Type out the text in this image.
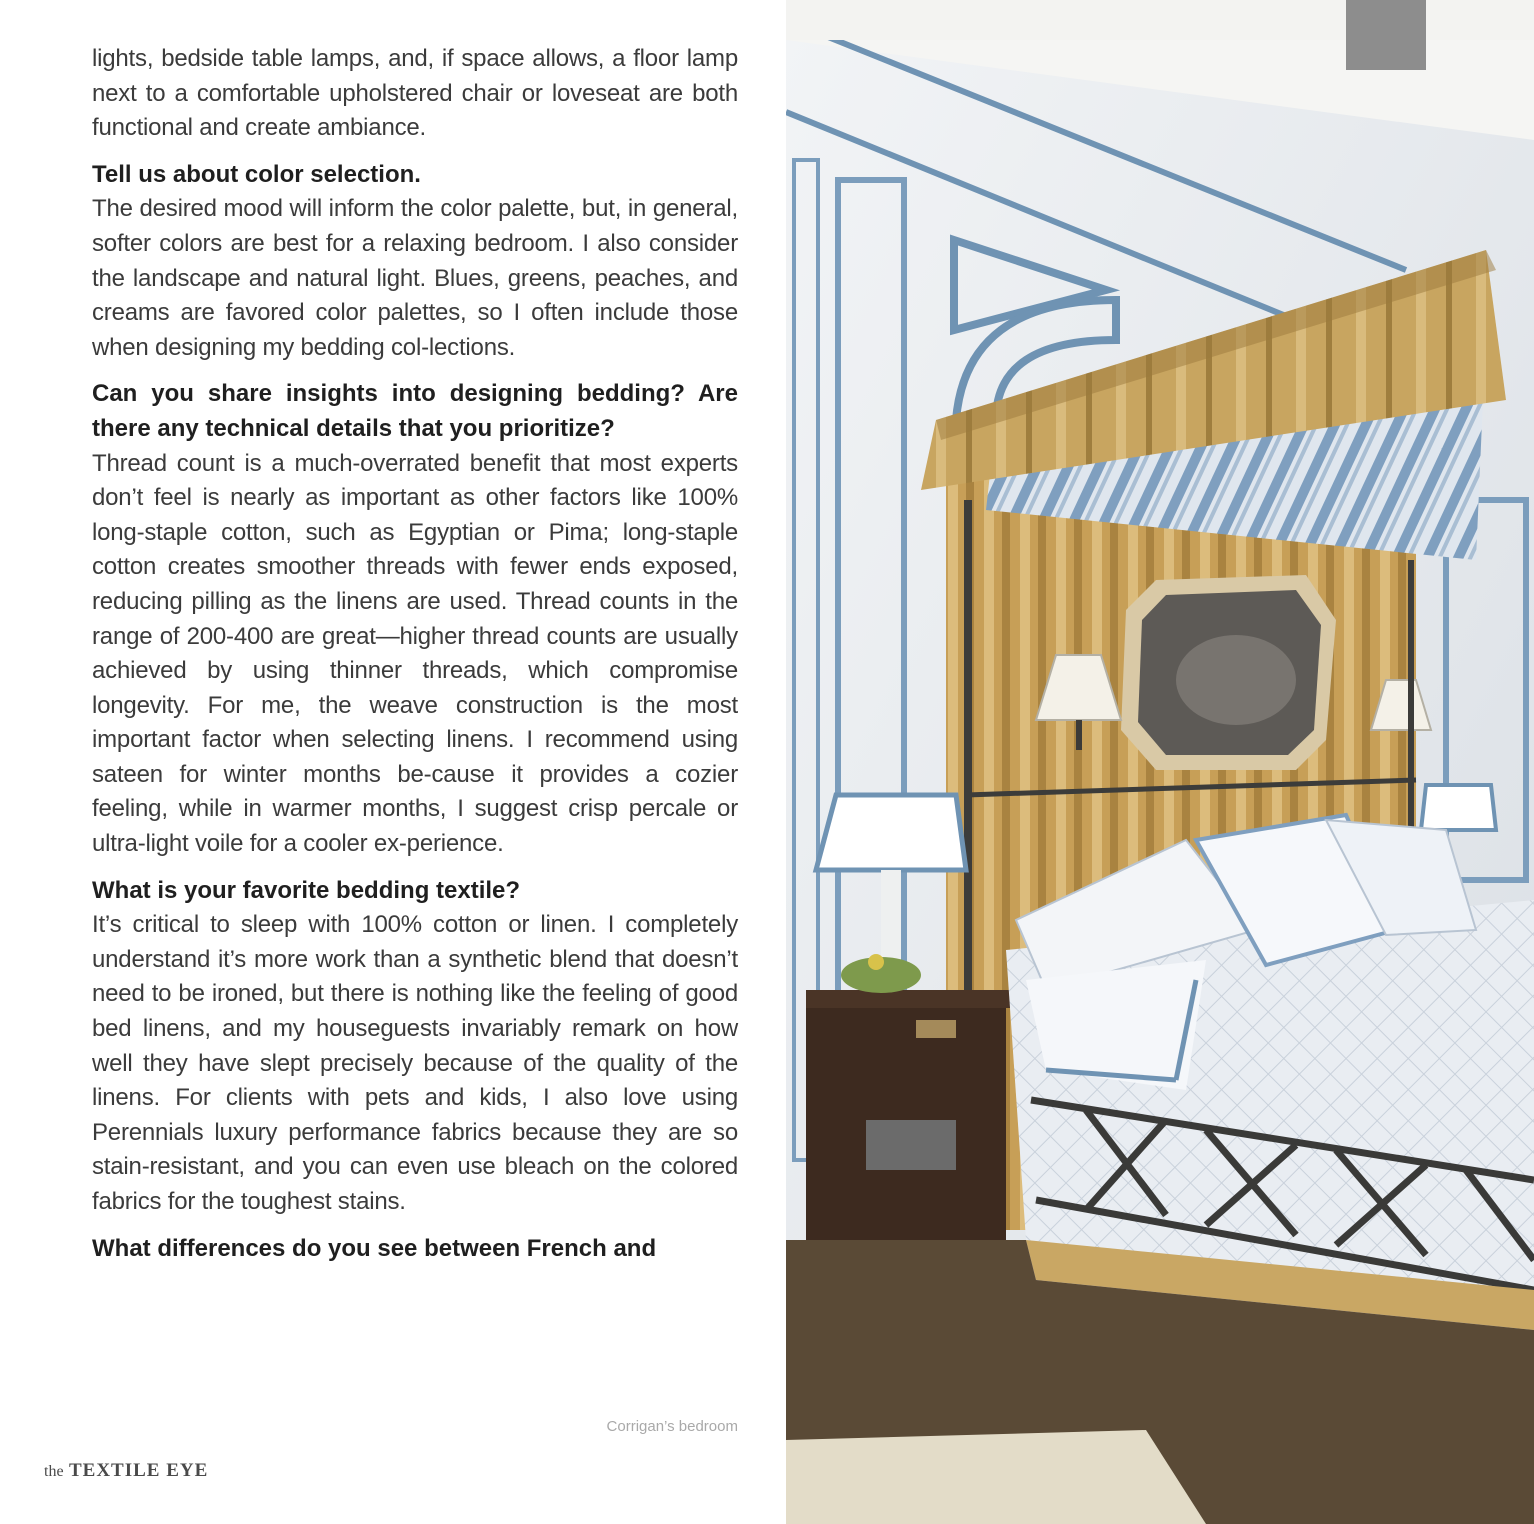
lights, bedside table lamps, and, if space allows, a floor lamp next to a comfortable upholstered chair or loveseat are both functional and create ambiance.

Tell us about color selection.

The desired mood will inform the color palette, but, in general, softer colors are best for a relaxing bedroom. I also consider the landscape and natural light. Blues, greens, peaches, and creams are favored color palettes, so I often include those when designing my bedding col-lections.

Can you share insights into designing bedding? Are there any technical details that you prioritize?

Thread count is a much-overrated benefit that most experts don’t feel is nearly as important as other factors like 100% long-staple cotton, such as Egyptian or Pima; long-staple cotton creates smoother threads with fewer ends exposed, reducing pilling as the linens are used. Thread counts in the range of 200-400 are great—higher thread counts are usually achieved by using thinner threads, which compromise longevity. For me, the weave construction is the most important factor when selecting linens. I recommend using sateen for winter months be-cause it provides a cozier feeling, while in warmer months, I suggest crisp percale or ultra-light voile for a cooler ex-perience.

What is your favorite bedding textile?

It’s critical to sleep with 100% cotton or linen. I completely understand it’s more work than a synthetic blend that doesn’t need to be ironed, but there is nothing like the feeling of good bed linens, and my houseguests invariably remark on how well they have slept precisely because of the quality of the linens. For clients with pets and kids, I also love using Perennials luxury performance fabrics because they are so stain-resistant, and you can even use bleach on the colored fabrics for the toughest stains.

What differences do you see between French and

Corrigan’s bedroom
the TEXTILE EYE
